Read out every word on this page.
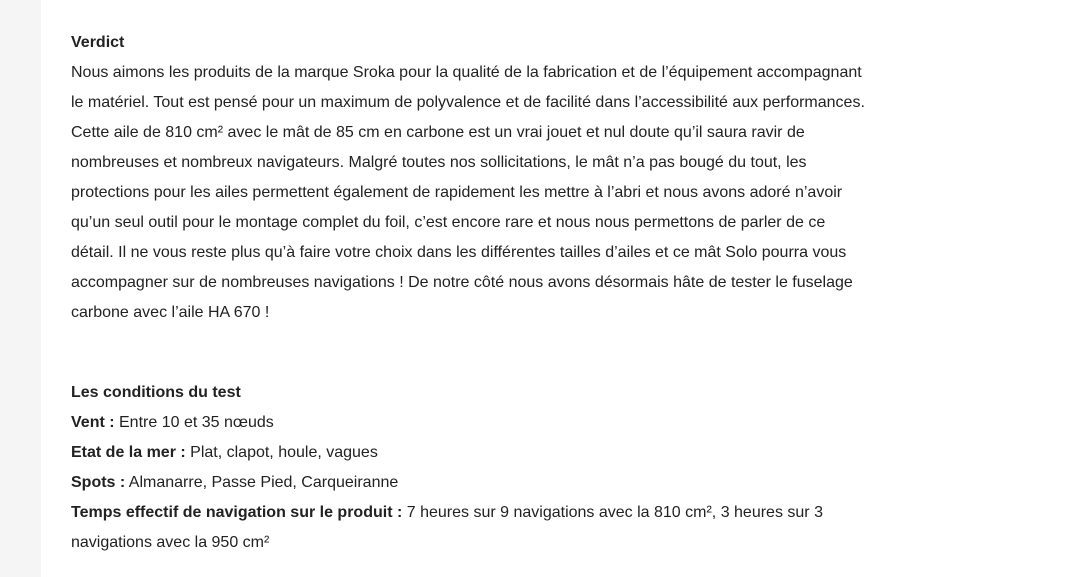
Verdict

Nous aimons les produits de la marque Sroka pour la qualité de la fabrication et de l’équipement accompagnant le matériel. Tout est pensé pour un maximum de polyvalence et de facilité dans l’accessibilité aux performances. Cette aile de 810 cm² avec le mât de 85 cm en carbone est un vrai jouet et nul doute qu’il saura ravir de nombreuses et nombreux navigateurs. Malgré toutes nos sollicitations, le mât n’a pas bougé du tout, les protections pour les ailes permettent également de rapidement les mettre à l’abri et nous avons adoré n’avoir qu’un seul outil pour le montage complet du foil, c’est encore rare et nous nous permettons de parler de ce détail. Il ne vous reste plus qu’à faire votre choix dans les différentes tailles d’ailes et ce mât Solo pourra vous accompagner sur de nombreuses navigations ! De notre côté nous avons désormais hâte de tester le fuselage carbone avec l’aile HA 670 !

Les conditions du test

Vent : Entre 10 et 35 nœuds

Etat de la mer : Plat, clapot, houle, vagues

Spots : Almanarre, Passe Pied, Carqueiranne

Temps effectif de navigation sur le produit : 7 heures sur 9 navigations avec la 810 cm², 3 heures sur 3 navigations avec la 950 cm²
